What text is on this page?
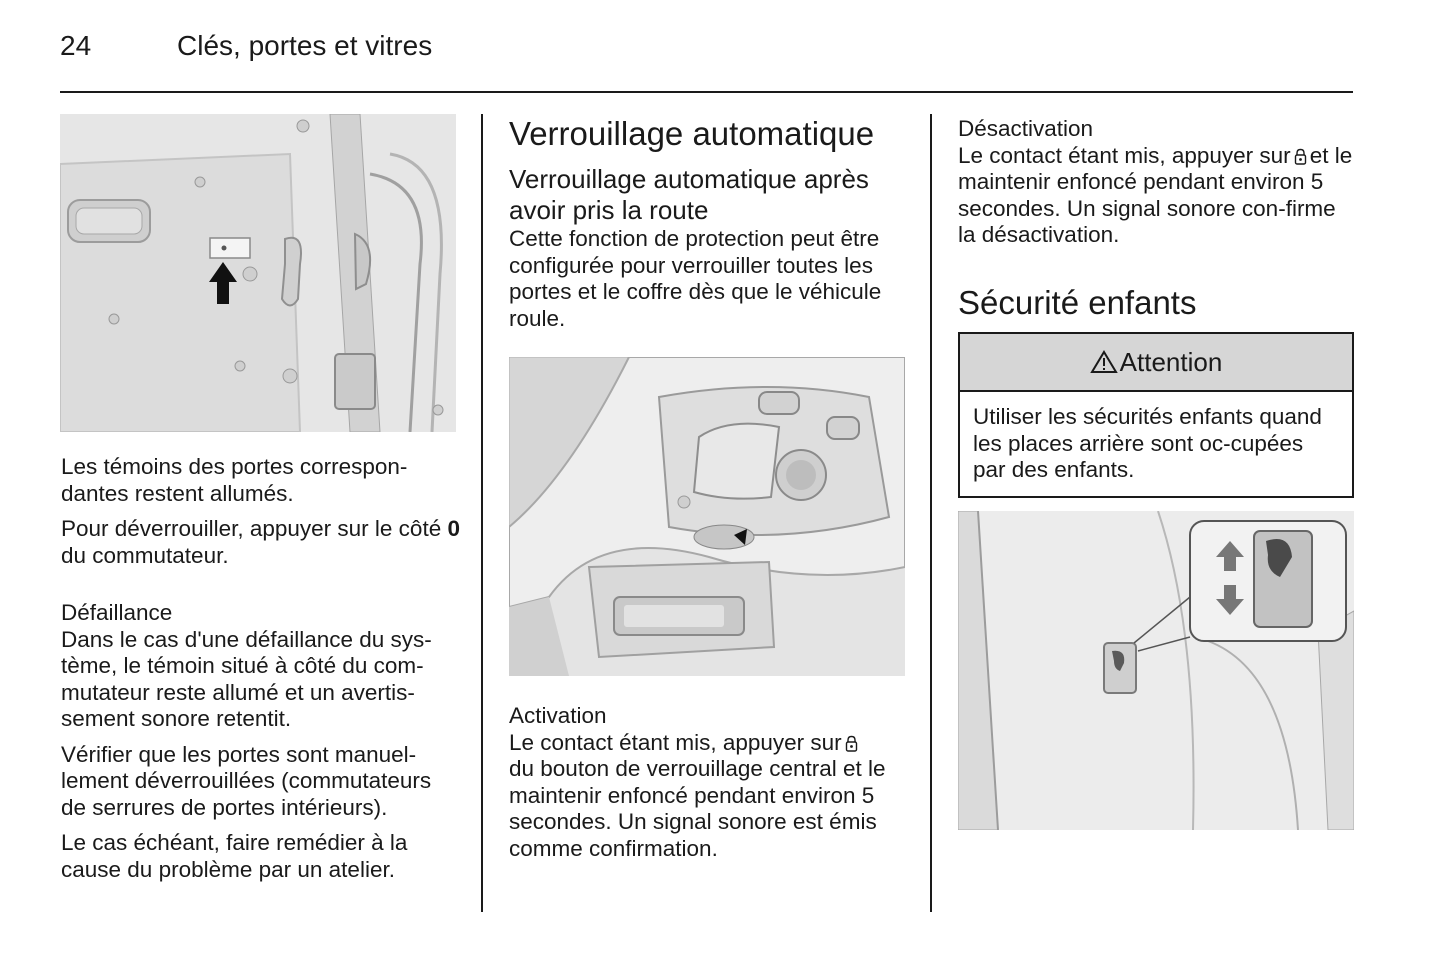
24	Clés, portes et vitres

Les témoins des portes correspon-dantes restent allumés.

Pour déverrouiller, appuyer sur le côté 0 du commutateur.

Défaillance

Dans le cas d'une défaillance du sys-tème, le témoin situé à côté du com-mutateur reste allumé et un avertis-sement sonore retentit.

Vérifier que les portes sont manuel-lement déverrouillées (commutateurs de serrures de portes intérieurs).

Le cas échéant, faire remédier à la cause du problème par un atelier.

Verrouillage automatique
Verrouillage automatique après avoir pris la route

Cette fonction de protection peut être configurée pour verrouiller toutes les portes et le coffre dès que le véhicule roule.

Activation

Le contact étant mis, appuyer sur
du bouton de verrouillage central et le maintenir enfoncé pendant environ 5 secondes. Un signal sonore est émis comme confirmation.

Désactivation

Le contact étant mis, appuyer sur et le maintenir enfoncé pendant environ 5 secondes. Un signal sonore con-firme la désactivation.

Sécurité enfants
Attention
Utiliser les sécurités enfants quand les places arrière sont oc-cupées par des enfants.
